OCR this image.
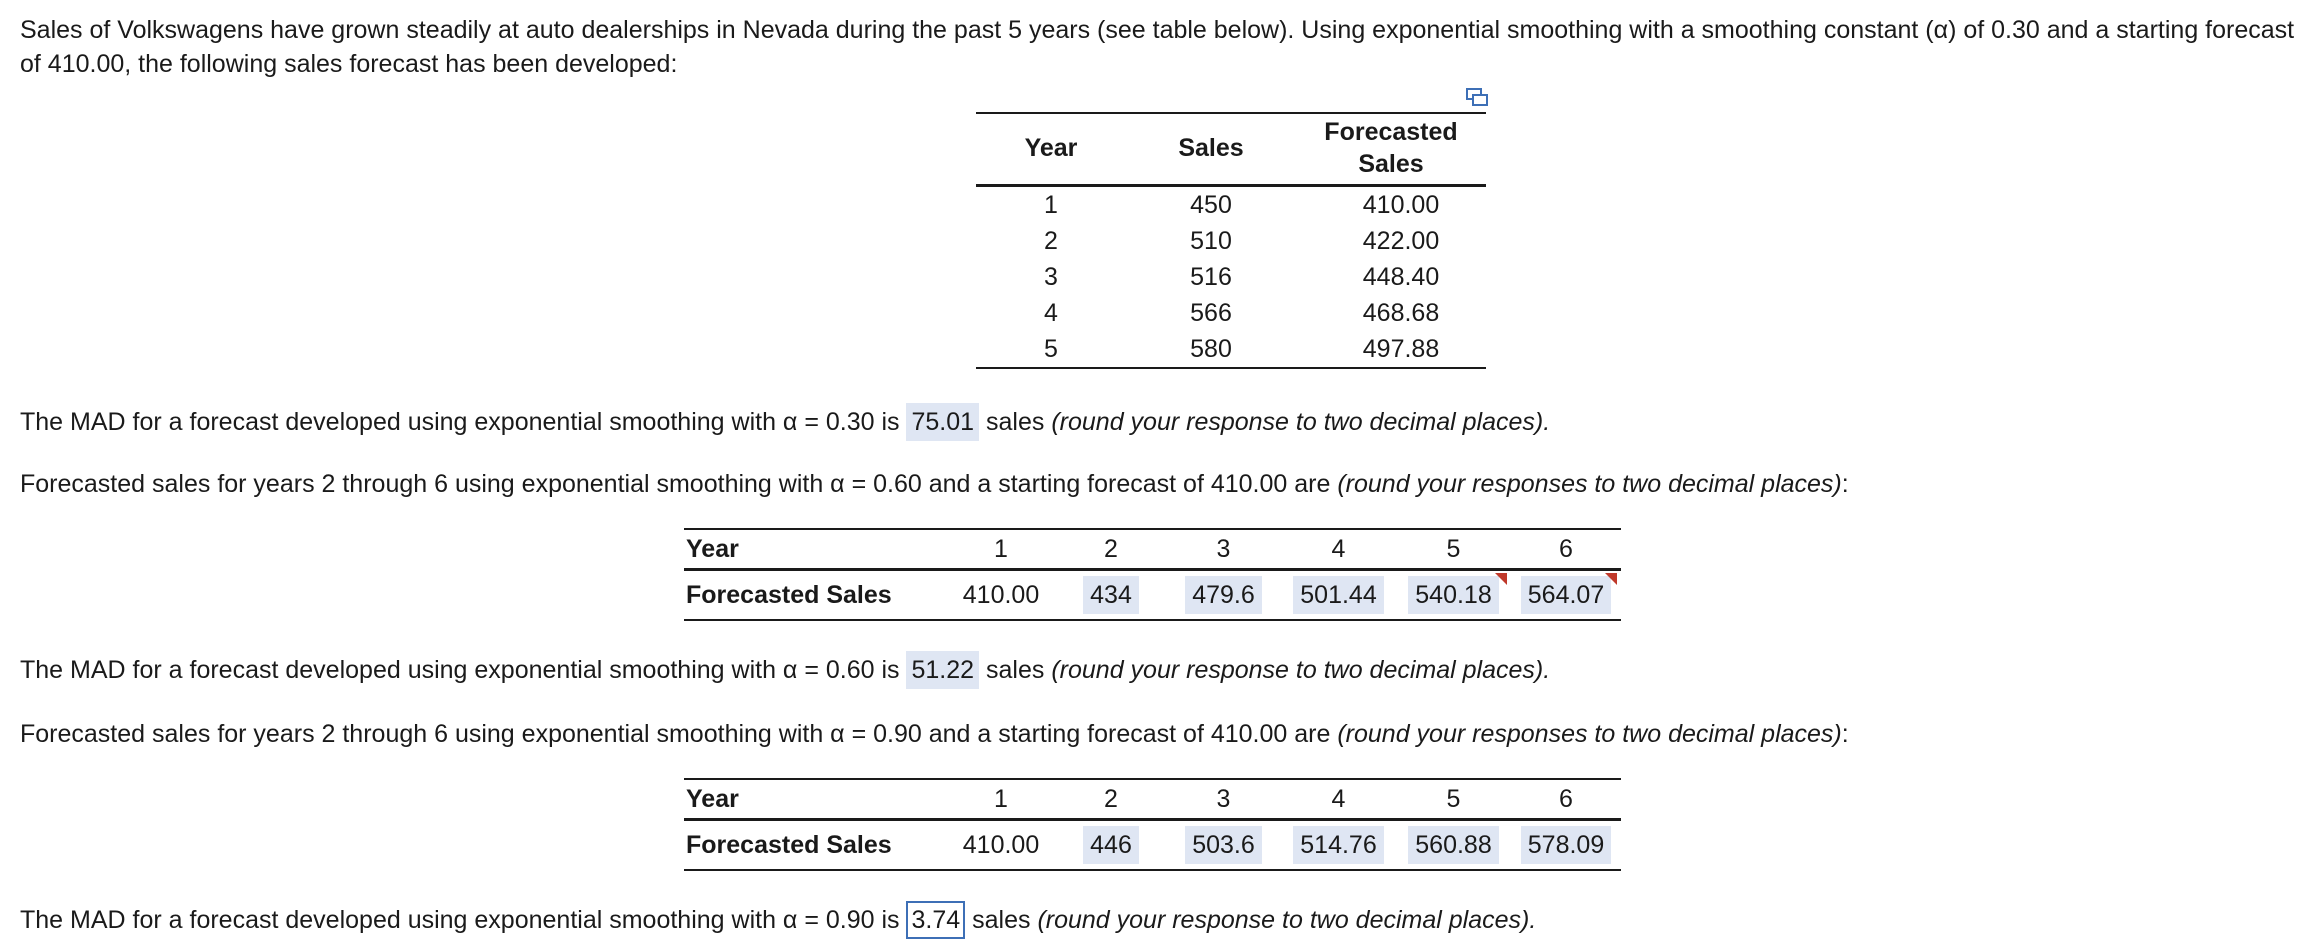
Sales of Volkswagens have grown steadily at auto dealerships in Nevada during the past 5 years (see table below). Using exponential smoothing with a smoothing constant (α) of 0.30 and a starting forecast of 410.00, the following sales forecast has been developed:

Year	Sales	Forecasted
Sales
1	450	410.00
2	510	422.00
3	516	448.40
4	566	468.68
5	580	497.88

The MAD for a forecast developed using exponential smoothing with α = 0.30 is 75.01 sales (round your response to two decimal places).

Forecasted sales for years 2 through 6 using exponential smoothing with α = 0.60 and a starting forecast of 410.00 are (round your responses to two decimal places):

Year	1	2	3	4	5	6
Forecasted Sales	410.00	434	479.6	501.44	540.18	564.07

The MAD for a forecast developed using exponential smoothing with α = 0.60 is 51.22 sales (round your response to two decimal places).

Forecasted sales for years 2 through 6 using exponential smoothing with α = 0.90 and a starting forecast of 410.00 are (round your responses to two decimal places):

Year	1	2	3	4	5	6
Forecasted Sales	410.00	446	503.6	514.76	560.88	578.09

The MAD for a forecast developed using exponential smoothing with α = 0.90 is 3.74 sales (round your response to two decimal places).
